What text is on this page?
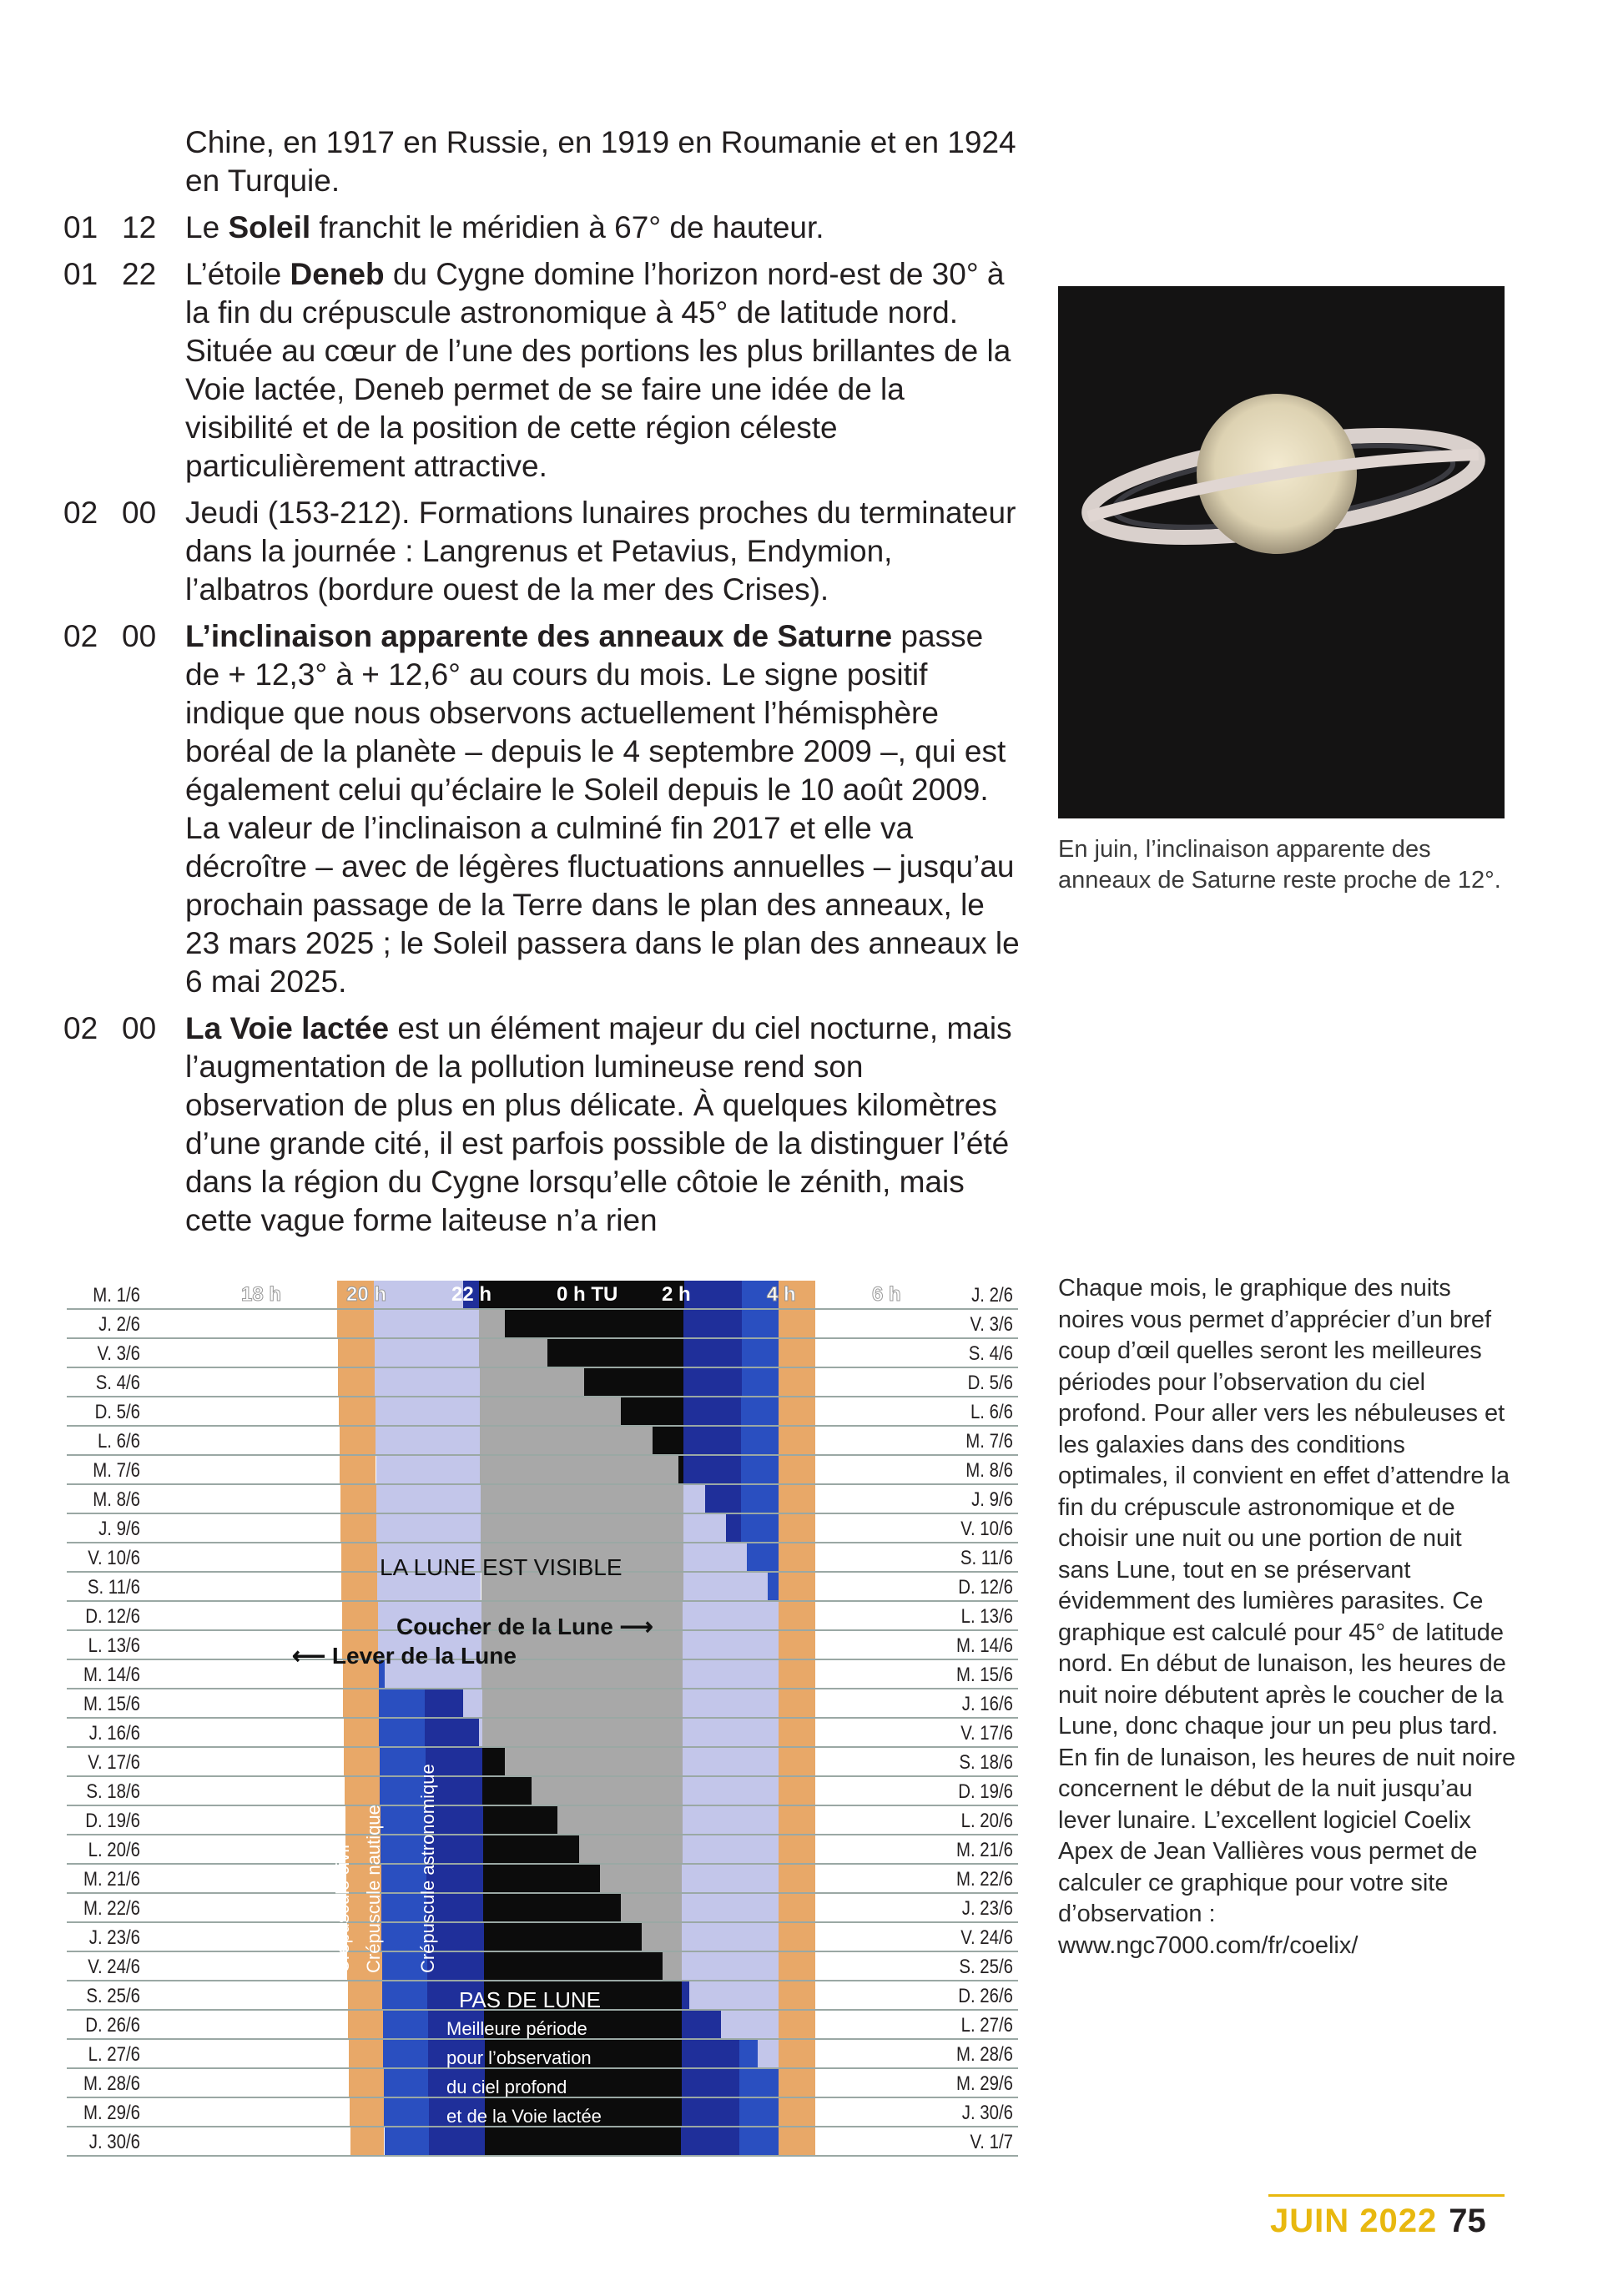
Chine, en 1917 en Russie, en 1919 en Roumanie et en 1924 en Turquie.
01 12 Le Soleil franchit le méridien à 67° de hauteur.
01 22 L’étoile Deneb du Cygne domine l’horizon nord-est de 30° à la fin du crépuscule astronomique à 45° de latitude nord. Située au cœur de l’une des portions les plus brillantes de la Voie lactée, Deneb permet de se faire une idée de la visibilité et de la position de cette région céleste particulièrement attractive.
02 00 Jeudi (153-212). Formations lunaires proches du terminateur dans la journée : Langrenus et Petavius, Endymion, l’albatros (bordure ouest de la mer des Crises).
02 00 L’inclinaison apparente des anneaux de Saturne passe de + 12,3° à + 12,6° au cours du mois. Le signe positif indique que nous observons actuellement l’hémisphère boréal de la planète – depuis le 4 septembre 2009 –, qui est également celui qu’éclaire le Soleil depuis le 10 août 2009. La valeur de l’inclinaison a culminé fin 2017 et elle va décroître – avec de légères fluctuations annuelles – jusqu’au prochain passage de la Terre dans le plan des anneaux, le 23 mars 2025 ; le Soleil passera dans le plan des anneaux le 6 mai 2025.
02 00 La Voie lactée est un élément majeur du ciel nocturne, mais l’augmentation de la pollution lumineuse rend son observation de plus en plus délicate. À quelques kilomètres d’une grande cité, il est parfois possible de la distinguer l’été dans la région du Cygne lorsqu’elle côtoie le zénith, mais cette vague forme laiteuse n’a rien
En juin, l’inclinaison apparente des anneaux de Saturne reste proche de 12°.
M. 1/6	J. 2/6
J. 2/6	V. 3/6
V. 3/6	S. 4/6
S. 4/6	D. 5/6
D. 5/6	L. 6/6
L. 6/6	M. 7/6
M. 7/6	M. 8/6
M. 8/6	J. 9/6
J. 9/6	V. 10/6
V. 10/6	S. 11/6
S. 11/6	D. 12/6
D. 12/6	L. 13/6
L. 13/6	M. 14/6
M. 14/6	M. 15/6
M. 15/6	J. 16/6
J. 16/6	V. 17/6
V. 17/6	S. 18/6
S. 18/6	D. 19/6
D. 19/6	L. 20/6
L. 20/6	M. 21/6
M. 21/6	M. 22/6
M. 22/6	J. 23/6
J. 23/6	V. 24/6
V. 24/6	S. 25/6
S. 25/6	D. 26/6
D. 26/6	L. 27/6
L. 27/6	M. 28/6
M. 28/6	M. 29/6
M. 29/6	J. 30/6
J. 30/6	V. 1/7
18 h	20 h	22 h	0 h TU 2 h	4 h	6 h
LA LUNE EST VISIBLE
Coucher de la Lune ⟶
⟵ Lever de la Lune
PAS DE LUNE
Meilleure période
pour l’observation
du ciel profond
et de la Voie lactée
Crépuscule civil Crépuscule nautique Crépuscule astronomique
Chaque mois, le graphique des nuits noires vous permet d’apprécier d’un bref coup d’œil quelles seront les meilleures périodes pour l’observation du ciel profond. Pour aller vers les nébuleuses et les galaxies dans des conditions optimales, il convient en effet d’attendre la fin du crépuscule astronomique et de choisir une nuit ou une portion de nuit sans Lune, tout en se préservant évidemment des lumières parasites. Ce graphique est calculé pour 45° de latitude nord. En début de lunaison, les heures de nuit noire débutent après le coucher de la Lune, donc chaque jour un peu plus tard. En fin de lunaison, les heures de nuit noire concernent le début de la nuit jusqu’au lever lunaire. L’excellent logiciel Coelix Apex de Jean Vallières vous permet de calculer ce graphique pour votre site d’observation : www.ngc7000.com/fr/coelix/
JUIN 2022 75
